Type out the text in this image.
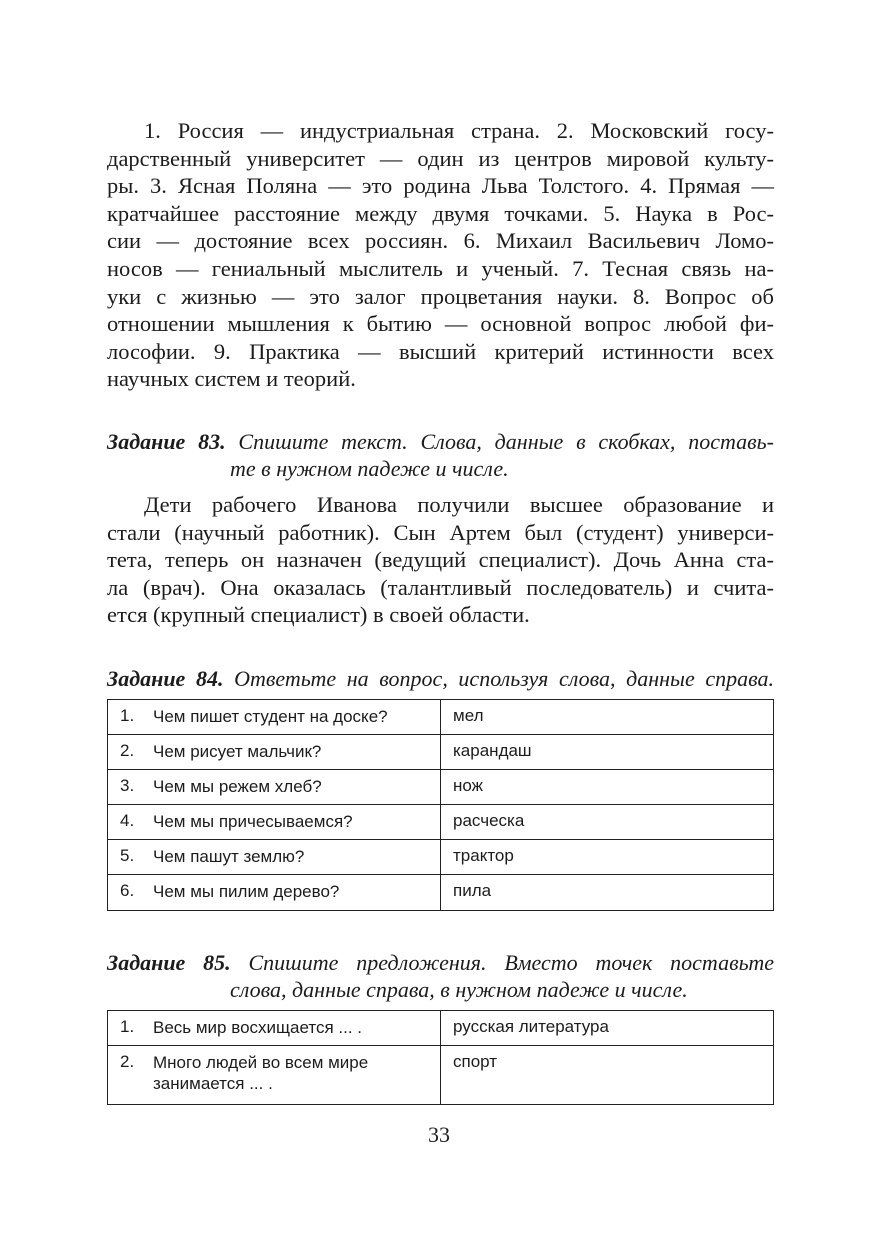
1. Россия — индустриальная страна. 2. Московский госу-
дарственный университет — один из центров мировой культу-
ры. 3. Ясная Поляна — это родина Льва Толстого. 4. Прямая —
кратчайшее расстояние между двумя точками. 5. Наука в Рос-
сии — достояние всех россиян. 6. Михаил Васильевич Ломо-
носов — гениальный мыслитель и ученый. 7. Тесная связь на-
уки с жизнью — это залог процветания науки. 8. Вопрос об
отношении мышления к бытию — основной вопрос любой фи-
лософии. 9. Практика — высший критерий истинности всех
научных систем и теорий.
Задание 83. Спишите текст. Слова, данные в скобках, поставь-
те в нужном падеже и числе.
Дети рабочего Иванова получили высшее образование и
стали (научный работник). Сын Артем был (студент) универси-
тета, теперь он назначен (ведущий специалист). Дочь Анна ста-
ла (врач). Она оказалась (талантливый последователь) и счита-
ется (крупный специалист) в своей области.
Задание 84. Ответьте на вопрос, используя слова, данные справа.
1. Чем пишет студент на доске?	мел

2. Чем рисует мальчик?	карандаш

3. Чем мы режем хлеб?	нож

4. Чем мы причесываемся?	расческа

5. Чем пашут землю?	трактор

6. Чем мы пилим дерево?	пила
Задание 85. Спишите предложения. Вместо точек поставьте
слова, данные справа, в нужном падеже и числе.
1. Весь мир восхищается ... .	русская литература

2. Много людей во всем мире занимается ... .	спорт
33
